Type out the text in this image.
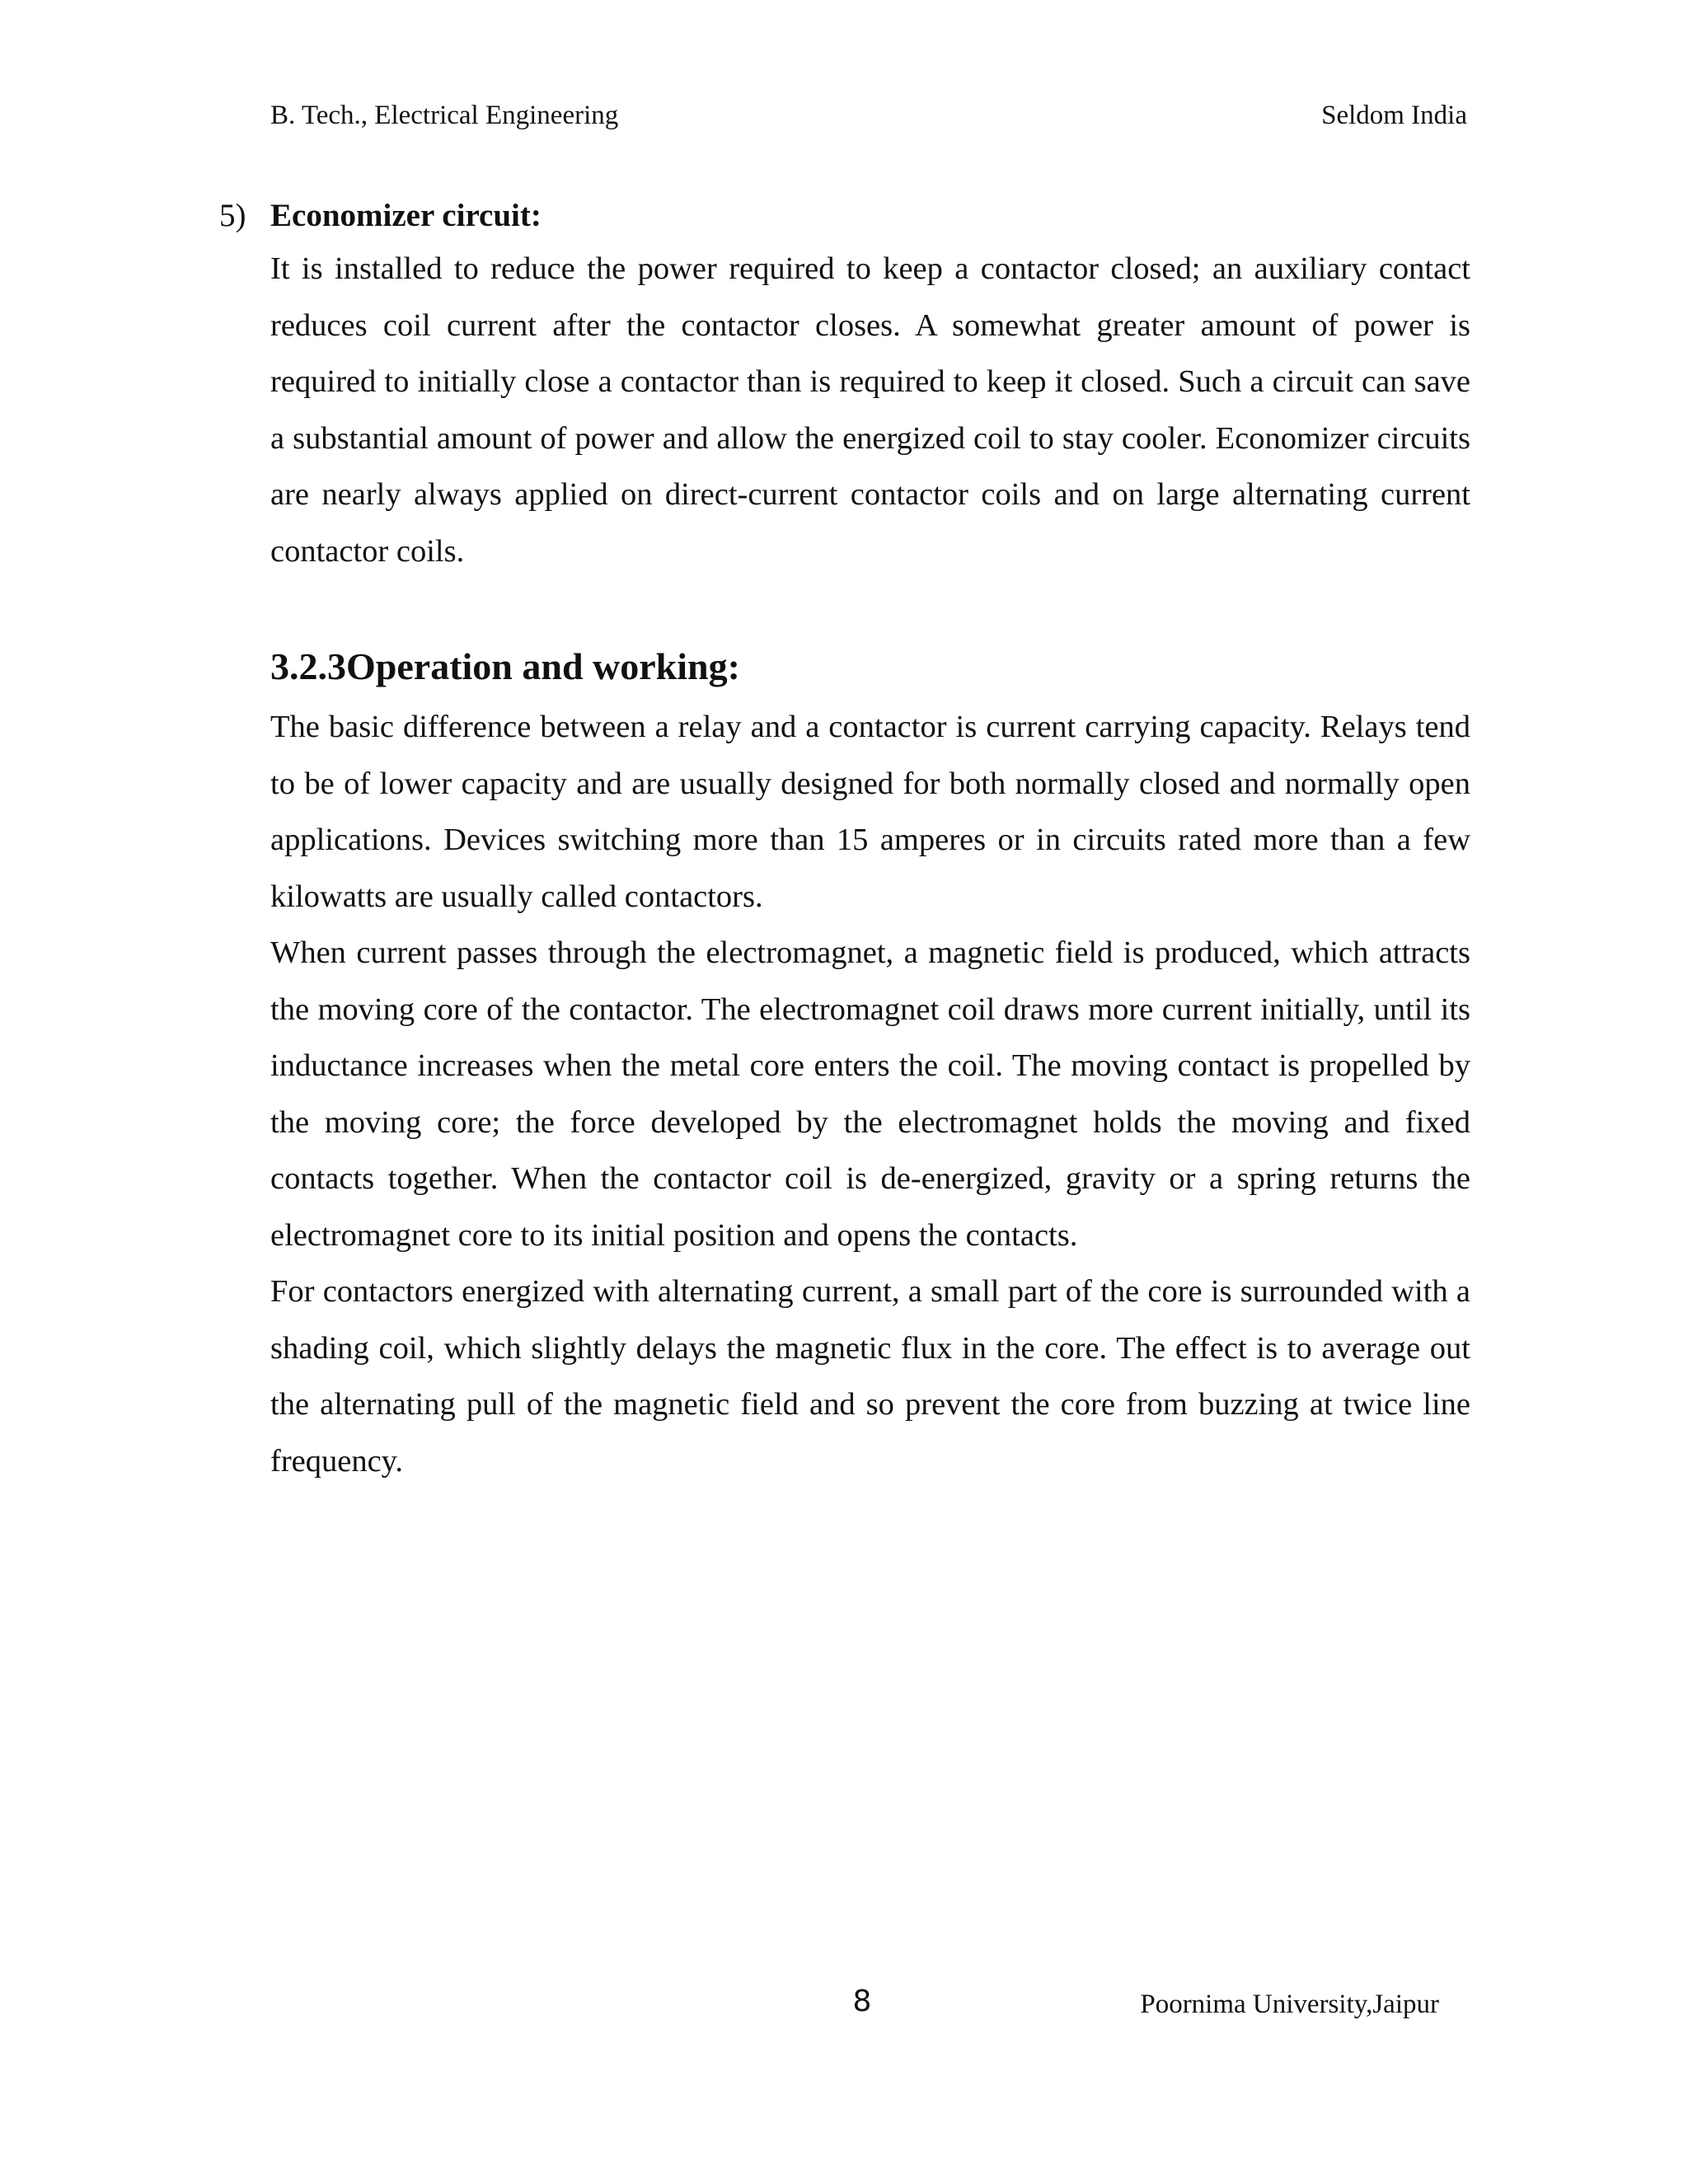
B. Tech., Electrical Engineering	Seldom India
5) Economizer circuit:

It is installed to reduce the power required to keep a contactor closed; an auxiliary contact reduces coil current after the contactor closes. A somewhat greater amount of power is required to initially close a contactor than is required to keep it closed. Such a circuit can save a substantial amount of power and allow the energized coil to stay cooler. Economizer circuits are nearly always applied on direct-current contactor coils and on large alternating current contactor coils.

3.2.3Operation and working:

The basic difference between a relay and a contactor is current carrying capacity. Relays tend to be of lower capacity and are usually designed for both normally closed and normally open applications. Devices switching more than 15 amperes or in circuits rated more than a few kilowatts are usually called contactors.

When current passes through the electromagnet, a magnetic field is produced, which attracts the moving core of the contactor. The electromagnet coil draws more current initially, until its inductance increases when the metal core enters the coil. The moving contact is propelled by the moving core; the force developed by the electromagnet holds the moving and fixed contacts together. When the contactor coil is de-energized, gravity or a spring returns the electromagnet core to its initial position and opens the contacts.

For contactors energized with alternating current, a small part of the core is surrounded with a shading coil, which slightly delays the magnetic flux in the core. The effect is to average out the alternating pull of the magnetic field and so prevent the core from buzzing at twice line frequency.

8	Poornima University,Jaipur
